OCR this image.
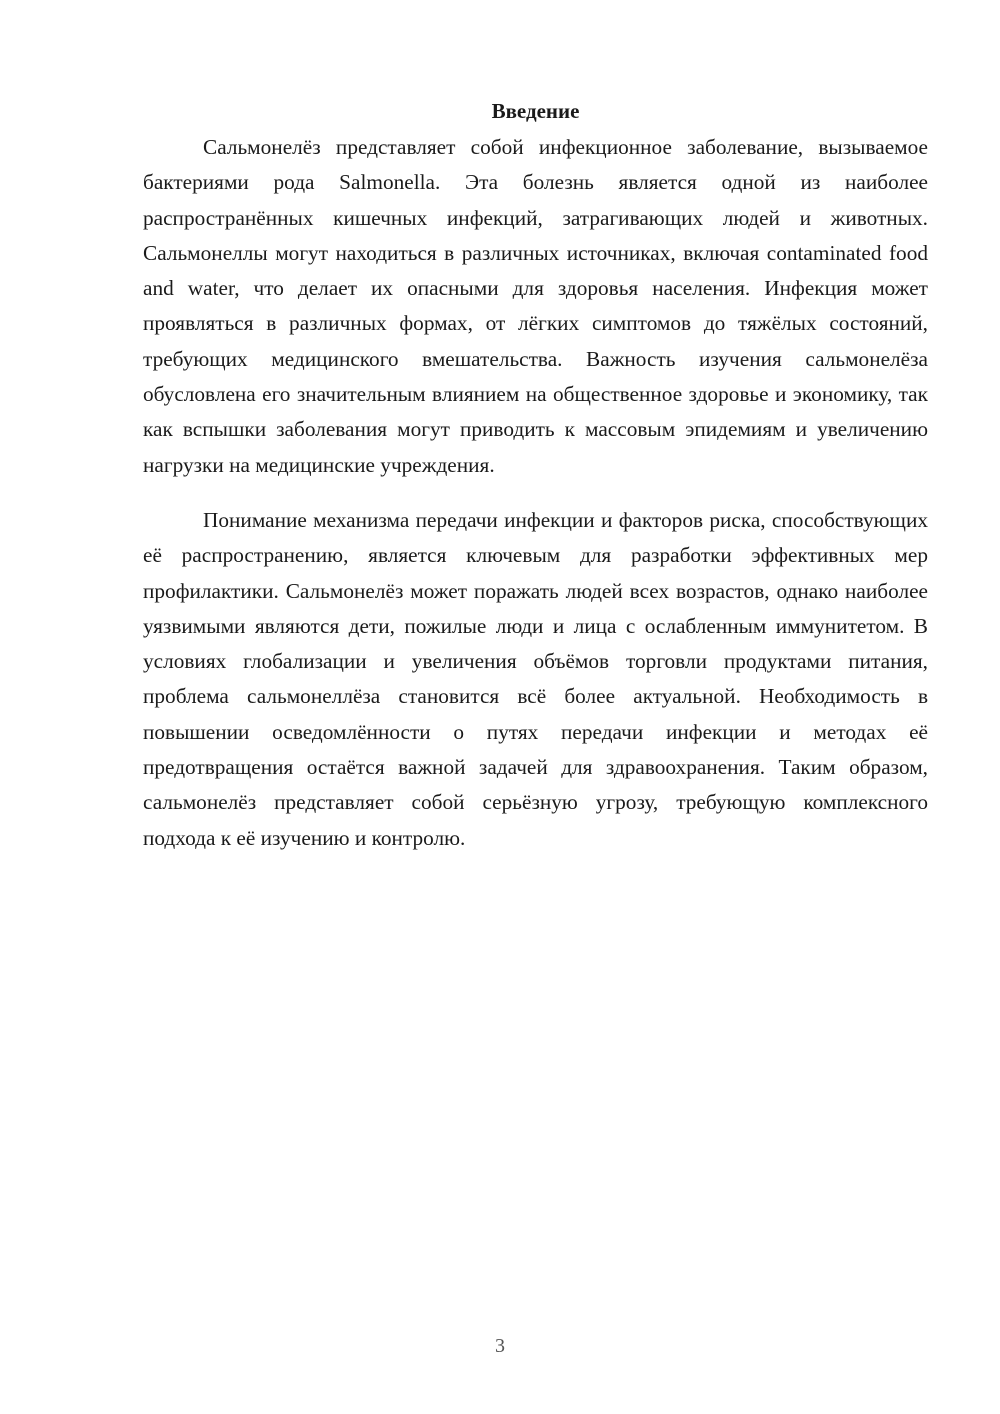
Введение

Сальмонелёз представляет собой инфекционное заболевание, вызываемое бактериями рода Salmonella. Эта болезнь является одной из наиболее распространённых кишечных инфекций, затрагивающих людей и животных. Сальмонеллы могут находиться в различных источниках, включая contaminated food and water, что делает их опасными для здоровья населения. Инфекция может проявляться в различных формах, от лёгких симптомов до тяжёлых состояний, требующих медицинского вмешательства. Важность изучения сальмонелёза обусловлена его значительным влиянием на общественное здоровье и экономику, так как вспышки заболевания могут приводить к массовым эпидемиям и увеличению нагрузки на медицинские учреждения.

Понимание механизма передачи инфекции и факторов риска, способствующих её распространению, является ключевым для разработки эффективных мер профилактики. Сальмонелёз может поражать людей всех возрастов, однако наиболее уязвимыми являются дети, пожилые люди и лица с ослабленным иммунитетом. В условиях глобализации и увеличения объёмов торговли продуктами питания, проблема сальмонеллёза становится всё более актуальной. Необходимость в повышении осведомлённости о путях передачи инфекции и методах её предотвращения остаётся важной задачей для здравоохранения. Таким образом, сальмонелёз представляет собой серьёзную угрозу, требующую комплексного подхода к её изучению и контролю.

3
